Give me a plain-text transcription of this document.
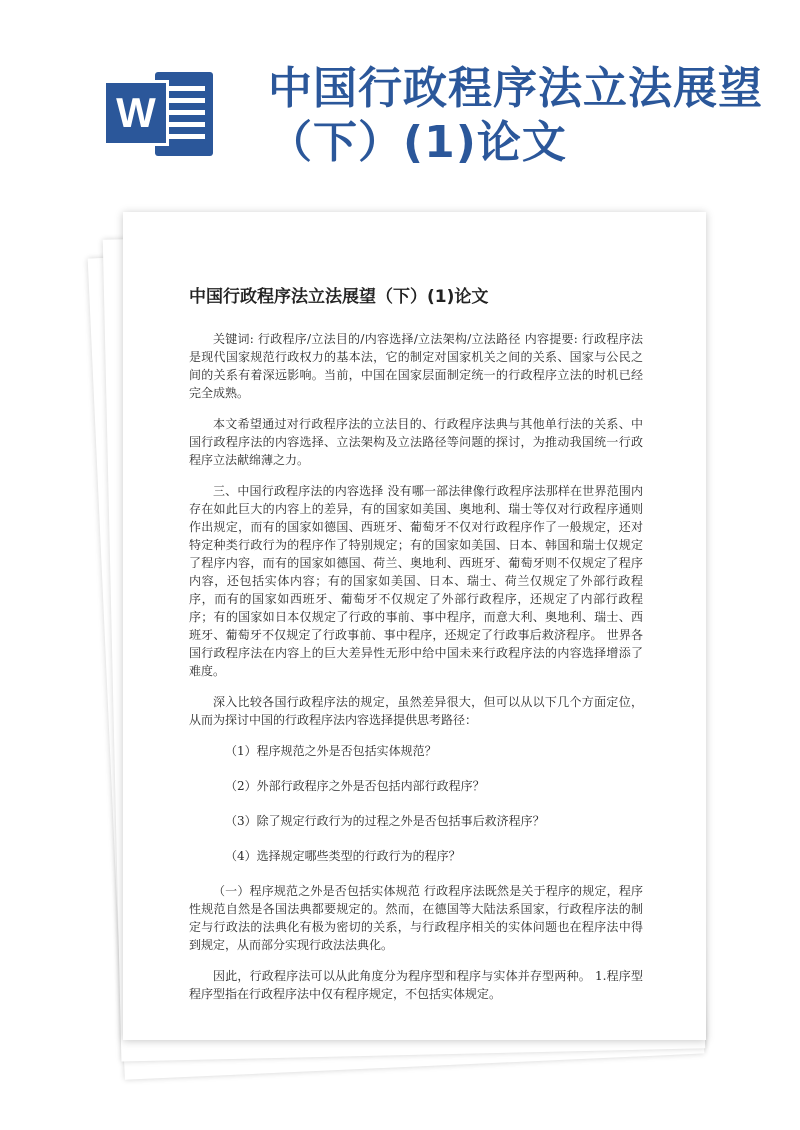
W	中国行政程序法立法展望（下）(1)论文
中国行政程序法立法展望（下）(1)论文

关键词: 行政程序/立法目的/内容选择/立法架构/立法路径 内容提要: 行政程序法是现代国家规范行政权力的基本法，它的制定对国家机关之间的关系、国家与公民之间的关系有着深远影响。当前，中国在国家层面制定统一的行政程序立法的时机已经完全成熟。

本文希望通过对行政程序法的立法目的、行政程序法典与其他单行法的关系、中国行政程序法的内容选择、立法架构及立法路径等问题的探讨，为推动我国统一行政程序立法献绵薄之力。

三、中国行政程序法的内容选择 没有哪一部法律像行政程序法那样在世界范围内存在如此巨大的内容上的差异，有的国家如美国、奥地利、瑞士等仅对行政程序通则作出规定，而有的国家如德国、西班牙、葡萄牙不仅对行政程序作了一般规定，还对特定种类行政行为的程序作了特别规定；有的国家如美国、日本、韩国和瑞士仅规定了程序内容，而有的国家如德国、荷兰、奥地利、西班牙、葡萄牙则不仅规定了程序内容，还包括实体内容；有的国家如美国、日本、瑞士、荷兰仅规定了外部行政程序，而有的国家如西班牙、葡萄牙不仅规定了外部行政程序，还规定了内部行政程序；有的国家如日本仅规定了行政的事前、事中程序，而意大利、奥地利、瑞士、西班牙、葡萄牙不仅规定了行政事前、事中程序，还规定了行政事后救济程序。 世界各国行政程序法在内容上的巨大差异性无形中给中国未来行政程序法的内容选择增添了难度。

深入比较各国行政程序法的规定，虽然差异很大，但可以从以下几个方面定位，从而为探讨中国的行政程序法内容选择提供思考路径：

（1）程序规范之外是否包括实体规范？

（2）外部行政程序之外是否包括内部行政程序？

（3）除了规定行政行为的过程之外是否包括事后救济程序？

（4）选择规定哪些类型的行政行为的程序？

（一）程序规范之外是否包括实体规范 行政程序法既然是关于程序的规定，程序性规范自然是各国法典都要规定的。然而，在德国等大陆法系国家，行政程序法的制定与行政法的法典化有极为密切的关系，与行政程序相关的实体问题也在程序法中得到规定，从而部分实现行政法法典化。

因此，行政程序法可以从此角度分为程序型和程序与实体并存型两种。 1.程序型 程序型指在行政程序法中仅有程序规定，不包括实体规定。
